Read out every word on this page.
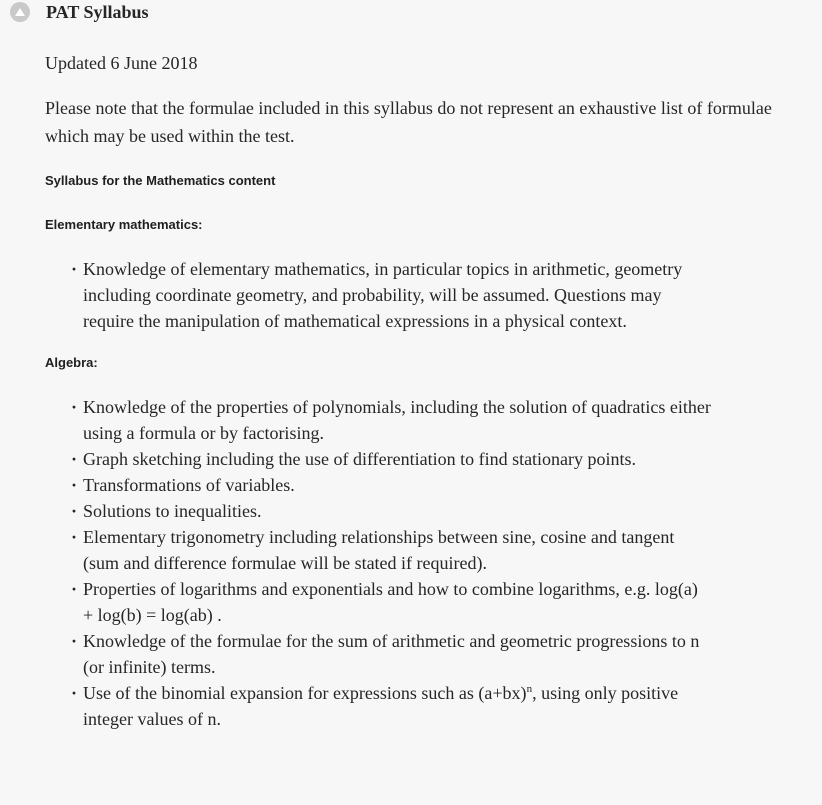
PAT Syllabus

Updated 6 June 2018

Please note that the formulae included in this syllabus do not represent an exhaustive list of formulae which may be used within the test.

Syllabus for the Mathematics content

Elementary mathematics:

· Knowledge of elementary mathematics, in particular topics in arithmetic, geometry including coordinate geometry, and probability, will be assumed. Questions may require the manipulation of mathematical expressions in a physical context.

Algebra:

· Knowledge of the properties of polynomials, including the solution of quadratics either using a formula or by factorising.
· Graph sketching including the use of differentiation to find stationary points.
· Transformations of variables.
· Solutions to inequalities.
· Elementary trigonometry including relationships between sine, cosine and tangent (sum and difference formulae will be stated if required).
· Properties of logarithms and exponentials and how to combine logarithms, e.g. log(a) + log(b) = log(ab) .
· Knowledge of the formulae for the sum of arithmetic and geometric progressions to n (or infinite) terms.
· Use of the binomial expansion for expressions such as $(a+bx)^n$, using only positive integer values of n.
